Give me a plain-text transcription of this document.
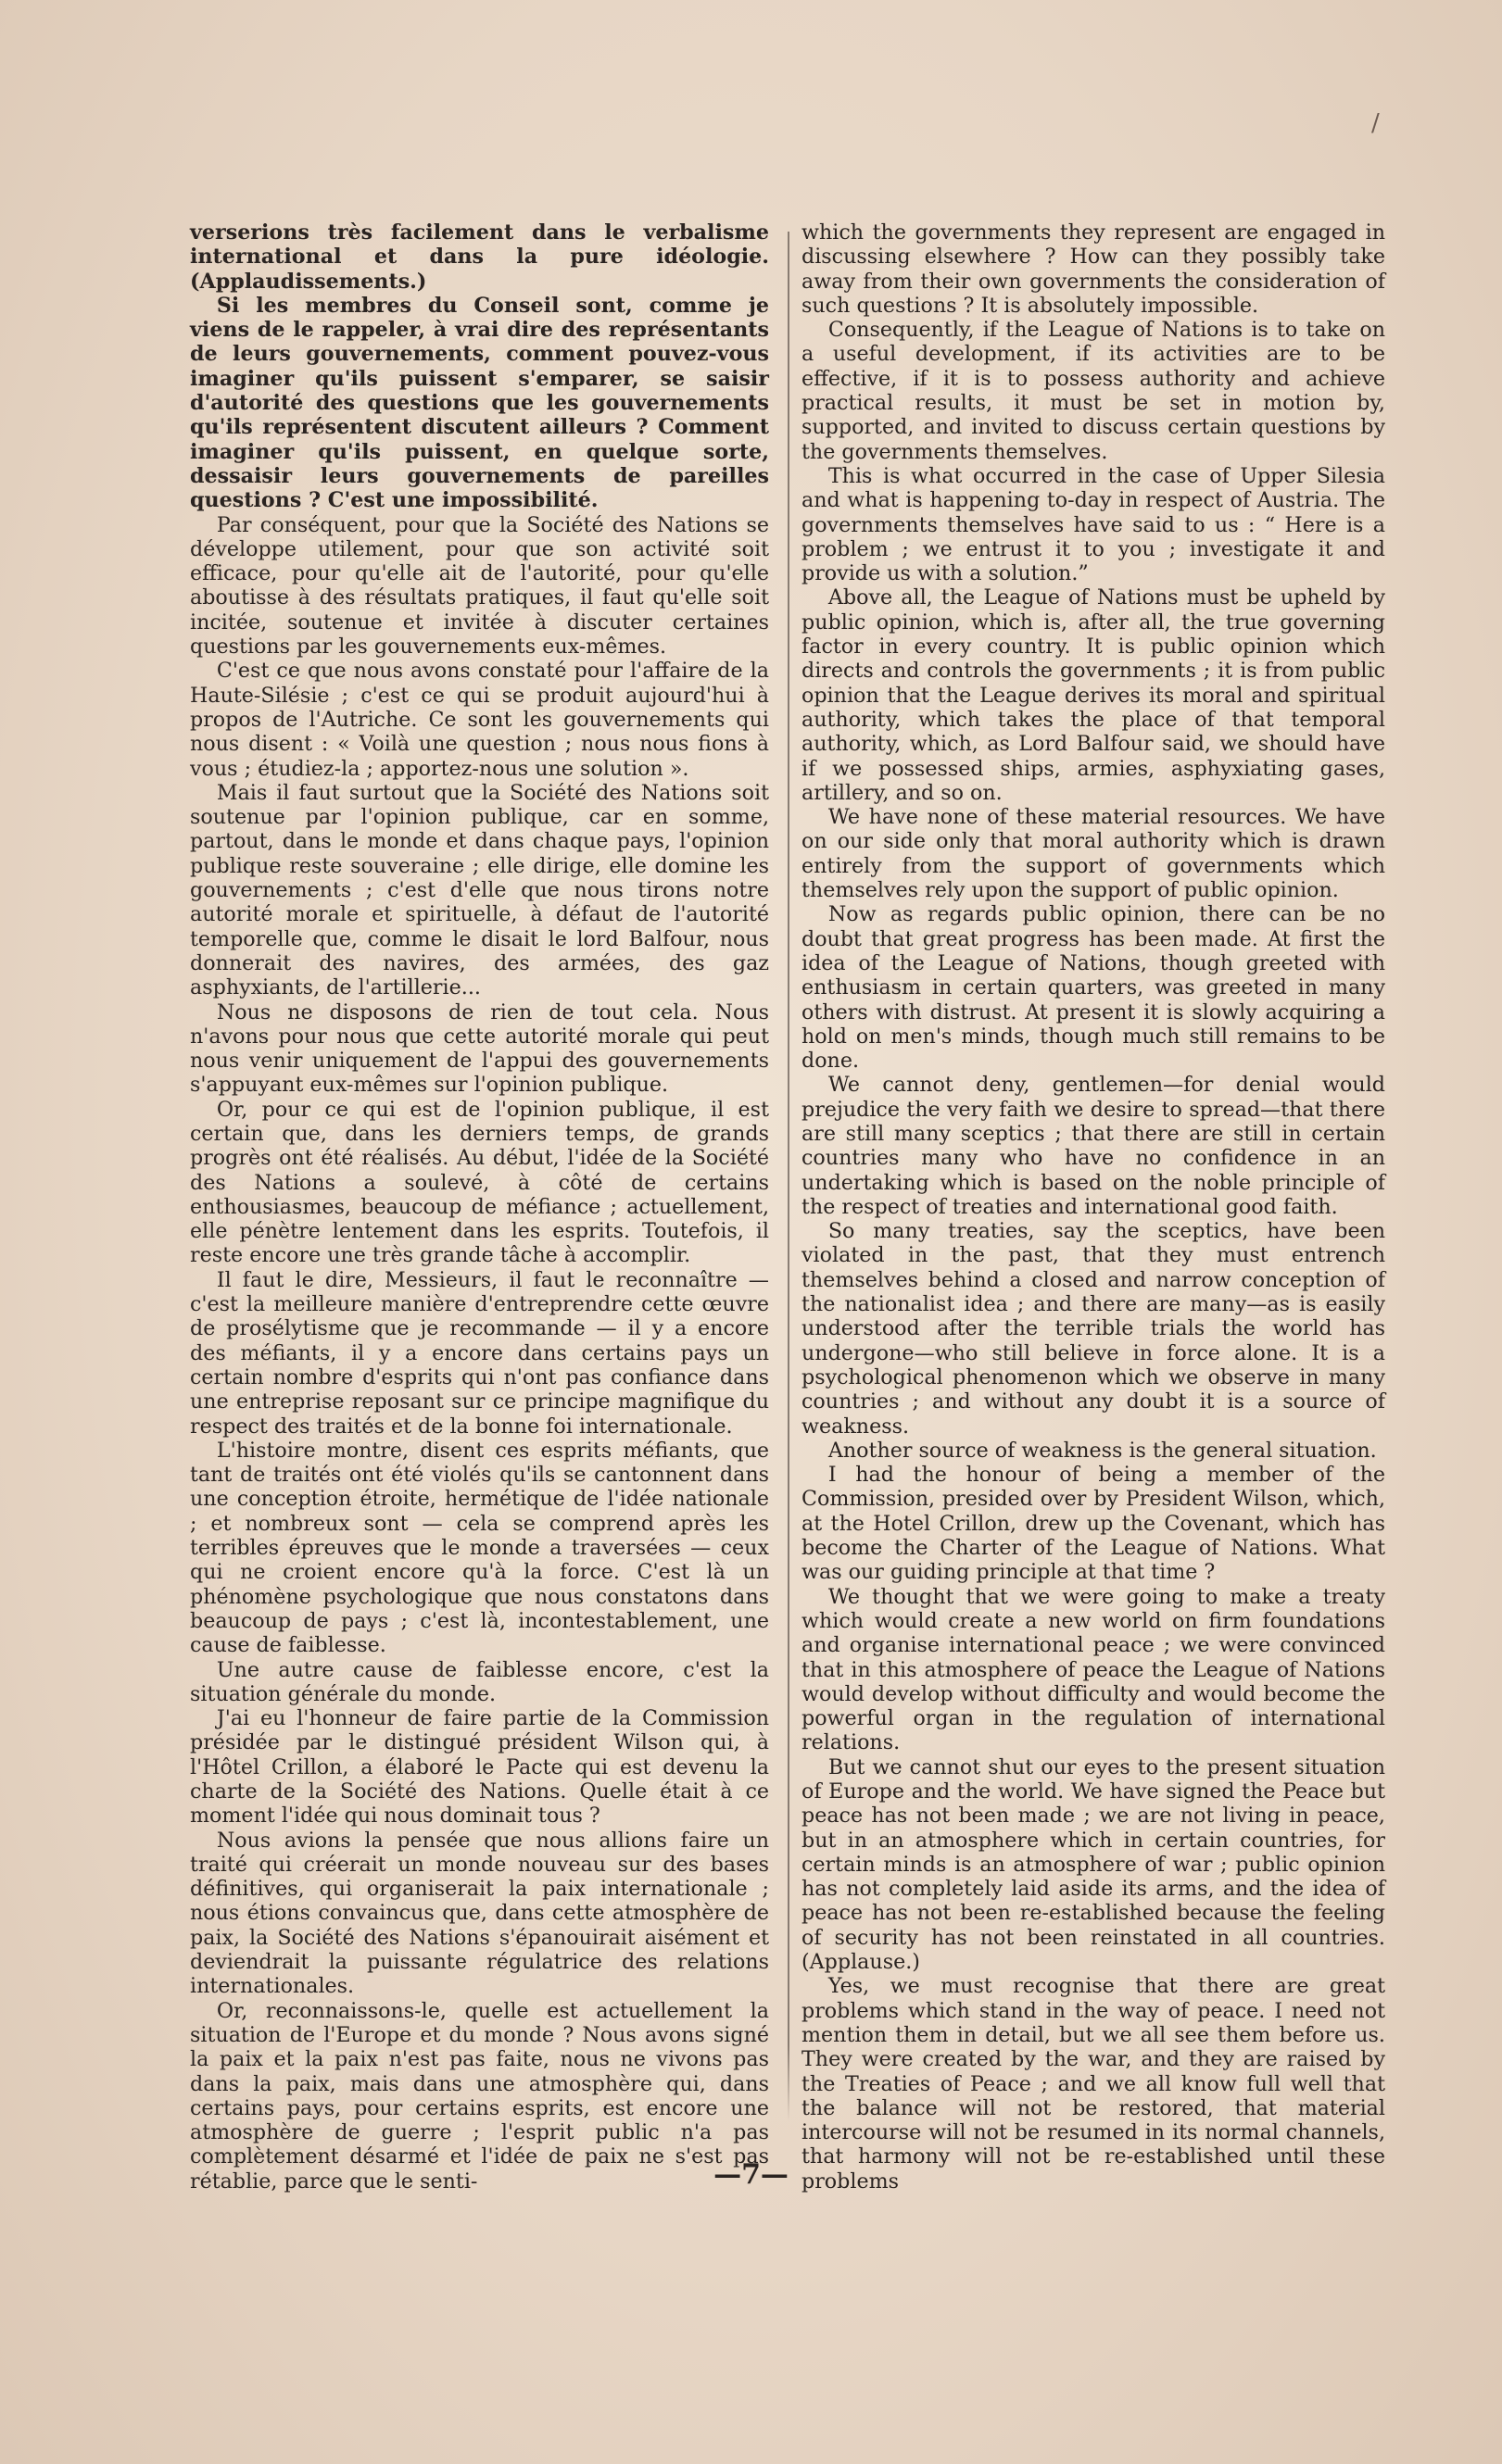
/

verserions très facilement dans le verbalisme international et dans la pure idéologie. (Applaudissements.)

Si les membres du Conseil sont, comme je viens de le rappeler, à vrai dire des représentants de leurs gouvernements, comment pouvez-vous imaginer qu'ils puissent s'emparer, se saisir d'autorité des questions que les gouvernements qu'ils représentent discutent ailleurs ? Comment imaginer qu'ils puissent, en quelque sorte, dessaisir leurs gouvernements de pareilles questions ? C'est une impossibilité.

Par conséquent, pour que la Société des Nations se développe utilement, pour que son activité soit efficace, pour qu'elle ait de l'autorité, pour qu'elle aboutisse à des résultats pratiques, il faut qu'elle soit incitée, soutenue et invitée à discuter certaines questions par les gouvernements eux-mêmes.

C'est ce que nous avons constaté pour l'affaire de la Haute-Silésie ; c'est ce qui se produit aujourd'hui à propos de l'Autriche. Ce sont les gouvernements qui nous disent : « Voilà une question ; nous nous fions à vous ; étudiez-la ; apportez-nous une solution ».

Mais il faut surtout que la Société des Nations soit soutenue par l'opinion publique, car en somme, partout, dans le monde et dans chaque pays, l'opinion publique reste souveraine ; elle dirige, elle domine les gouvernements ; c'est d'elle que nous tirons notre autorité morale et spirituelle, à défaut de l'autorité temporelle que, comme le disait le lord Balfour, nous donnerait des navires, des armées, des gaz asphyxiants, de l'artillerie...

Nous ne disposons de rien de tout cela. Nous n'avons pour nous que cette autorité morale qui peut nous venir uniquement de l'appui des gouvernements s'appuyant eux-mêmes sur l'opinion publique.

Or, pour ce qui est de l'opinion publique, il est certain que, dans les derniers temps, de grands progrès ont été réalisés. Au début, l'idée de la Société des Nations a soulevé, à côté de certains enthousiasmes, beaucoup de méfiance ; actuellement, elle pénètre lentement dans les esprits. Toutefois, il reste encore une très grande tâche à accomplir.

Il faut le dire, Messieurs, il faut le reconnaître — c'est la meilleure manière d'entreprendre cette œuvre de prosélytisme que je recommande — il y a encore des méfiants, il y a encore dans certains pays un certain nombre d'esprits qui n'ont pas confiance dans une entreprise reposant sur ce principe magnifique du respect des traités et de la bonne foi internationale.

L'histoire montre, disent ces esprits méfiants, que tant de traités ont été violés qu'ils se cantonnent dans une conception étroite, hermétique de l'idée nationale ; et nombreux sont — cela se comprend après les terribles épreuves que le monde a traversées — ceux qui ne croient encore qu'à la force. C'est là un phénomène psychologique que nous constatons dans beaucoup de pays ; c'est là, incontestablement, une cause de faiblesse.

Une autre cause de faiblesse encore, c'est la situation générale du monde.

J'ai eu l'honneur de faire partie de la Commission présidée par le distingué président Wilson qui, à l'Hôtel Crillon, a élaboré le Pacte qui est devenu la charte de la Société des Nations. Quelle était à ce moment l'idée qui nous dominait tous ?

Nous avions la pensée que nous allions faire un traité qui créerait un monde nouveau sur des bases définitives, qui organiserait la paix internationale ; nous étions convaincus que, dans cette atmosphère de paix, la Société des Nations s'épanouirait aisément et deviendrait la puissante régulatrice des relations internationales.

Or, reconnaissons-le, quelle est actuellement la situation de l'Europe et du monde ? Nous avons signé la paix et la paix n'est pas faite, nous ne vivons pas dans la paix, mais dans une atmosphère qui, dans certains pays, pour certains esprits, est encore une atmosphère de guerre ; l'esprit public n'a pas complètement désarmé et l'idée de paix ne s'est pas rétablie, parce que le senti-

which the governments they represent are engaged in discussing elsewhere ? How can they possibly take away from their own governments the consideration of such questions ? It is absolutely impossible.

Consequently, if the League of Nations is to take on a useful development, if its activities are to be effective, if it is to possess authority and achieve practical results, it must be set in motion by, supported, and invited to discuss certain questions by the governments themselves.

This is what occurred in the case of Upper Silesia and what is happening to-day in respect of Austria. The governments themselves have said to us : “ Here is a problem ; we entrust it to you ; investigate it and provide us with a solution.”

Above all, the League of Nations must be upheld by public opinion, which is, after all, the true governing factor in every country. It is public opinion which directs and controls the governments ; it is from public opinion that the League derives its moral and spiritual authority, which takes the place of that temporal authority, which, as Lord Balfour said, we should have if we possessed ships, armies, asphyxiating gases, artillery, and so on.

We have none of these material resources. We have on our side only that moral authority which is drawn entirely from the support of governments which themselves rely upon the support of public opinion.

Now as regards public opinion, there can be no doubt that great progress has been made. At first the idea of the League of Nations, though greeted with enthusiasm in certain quarters, was greeted in many others with distrust. At present it is slowly acquiring a hold on men's minds, though much still remains to be done.

We cannot deny, gentlemen—for denial would prejudice the very faith we desire to spread—that there are still many sceptics ; that there are still in certain countries many who have no confidence in an undertaking which is based on the noble principle of the respect of treaties and international good faith.

So many treaties, say the sceptics, have been violated in the past, that they must entrench themselves behind a closed and narrow conception of the nationalist idea ; and there are many—as is easily understood after the terrible trials the world has undergone—who still believe in force alone. It is a psychological phenomenon which we observe in many countries ; and without any doubt it is a source of weakness.

Another source of weakness is the general situation.

I had the honour of being a member of the Commission, presided over by President Wilson, which, at the Hotel Crillon, drew up the Covenant, which has become the Charter of the League of Nations. What was our guiding principle at that time ?

We thought that we were going to make a treaty which would create a new world on firm foundations and organise international peace ; we were convinced that in this atmosphere of peace the League of Nations would develop without difficulty and would become the powerful organ in the regulation of international relations.

But we cannot shut our eyes to the present situation of Europe and the world. We have signed the Peace but peace has not been made ; we are not living in peace, but in an atmosphere which in certain countries, for certain minds is an atmosphere of war ; public opinion has not completely laid aside its arms, and the idea of peace has not been re-established because the feeling of security has not been reinstated in all countries. (Applause.)

Yes, we must recognise that there are great problems which stand in the way of peace. I need not mention them in detail, but we all see them before us. They were created by the war, and they are raised by the Treaties of Peace ; and we all know full well that the balance will not be restored, that material intercourse will not be resumed in its normal channels, that harmony will not be re-established until these problems

—7—
